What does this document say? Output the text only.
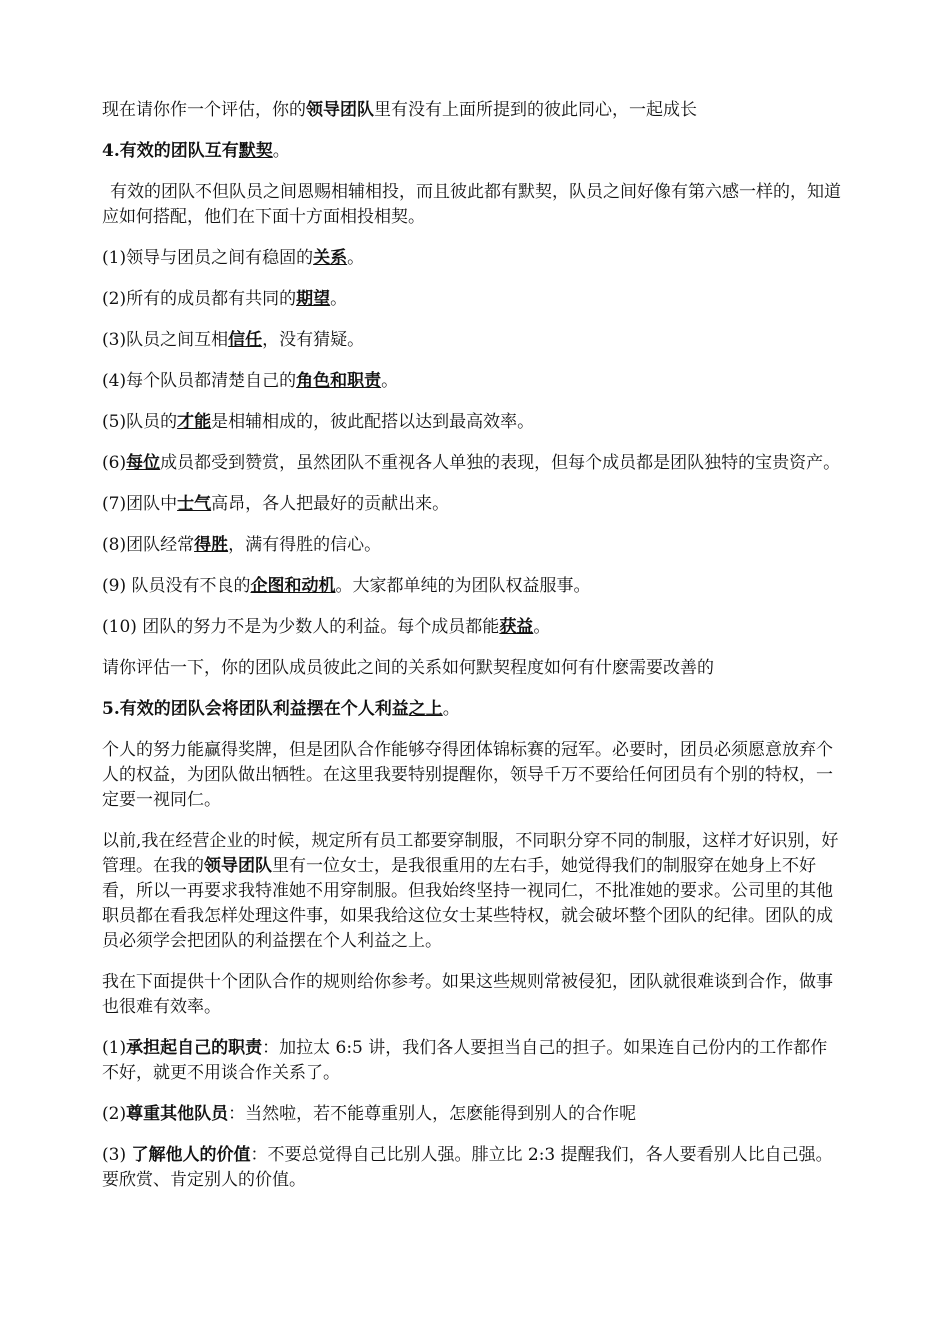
现在请你作一个评估，你的领导团队里有没有上面所提到的彼此同心，一起成长

4.有效的团队互有默契。

有效的团队不但队员之间恩赐相辅相投，而且彼此都有默契，队员之间好像有第六感一样的，知道应如何搭配，他们在下面十方面相投相契。

(1)领导与团员之间有稳固的关系。

(2)所有的成员都有共同的期望。

(3)队员之间互相信任，没有猜疑。

(4)每个队员都清楚自己的角色和职责。

(5)队员的才能是相辅相成的，彼此配搭以达到最高效率。

(6)每位成员都受到赞赏，虽然团队不重视各人单独的表现，但每个成员都是团队独特的宝贵资产。

(7)团队中士气高昂，各人把最好的贡献出来。

(8)团队经常得胜，满有得胜的信心。

(9) 队员没有不良的企图和动机。大家都单纯的为团队权益服事。

(10) 团队的努力不是为少数人的利益。每个成员都能获益。

请你评估一下，你的团队成员彼此之间的关系如何默契程度如何有什麽需要改善的

5.有效的团队会将团队利益摆在个人利益之上。

个人的努力能赢得奖牌，但是团队合作能够夺得团体锦标赛的冠军。必要时，团员必须愿意放弃个人的权益，为团队做出牺牲。在这里我要特别提醒你，领导千万不要给任何团员有个别的特权，一定要一视同仁。

以前,我在经营企业的时候，规定所有员工都要穿制服，不同职分穿不同的制服，这样才好识别，好管理。在我的领导团队里有一位女士，是我很重用的左右手，她觉得我们的制服穿在她身上不好看，所以一再要求我特准她不用穿制服。但我始终坚持一视同仁，不批准她的要求。公司里的其他职员都在看我怎样处理这件事，如果我给这位女士某些特权，就会破坏整个团队的纪律。团队的成员必须学会把团队的利益摆在个人利益之上。

我在下面提供十个团队合作的规则给你参考。如果这些规则常被侵犯，团队就很难谈到合作，做事也很难有效率。

(1)承担起自己的职责：加拉太 6:5 讲，我们各人要担当自己的担子。如果连自己份内的工作都作不好，就更不用谈合作关系了。

(2)尊重其他队员：当然啦，若不能尊重别人，怎麽能得到别人的合作呢

(3) 了解他人的价值：不要总觉得自己比别人强。腓立比 2:3 提醒我们，各人要看别人比自己强。要欣赏、肯定别人的价值。
